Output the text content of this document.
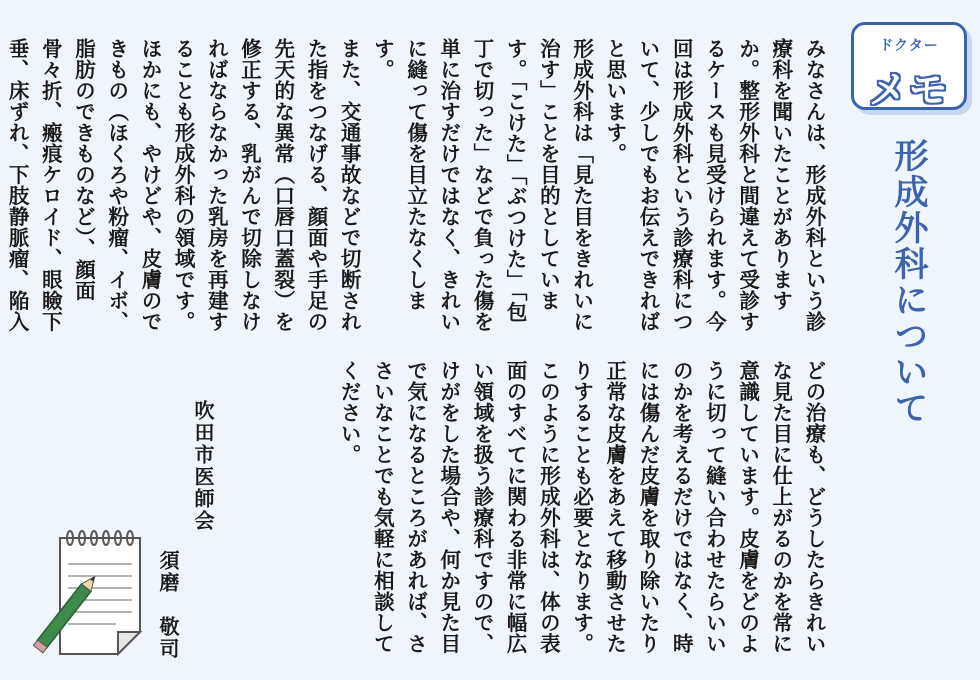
ドクター
メモ
形成外科について

みなさんは、形成外科という診療科を聞いたことがありますか。整形外科と間違えて受診するケースも見受けられます。今回は形成外科という診療科について、少しでもお伝えできればと思います。

形成外科は「見た目をきれいに治す」ことを目的としています。「こけた」「ぶつけた」「包丁で切った」などで負った傷を単に治すだけではなく、きれいに縫って傷を目立たなくします。

また、交通事故などで切断された指をつなげる、顔面や手足の先天的な異常（口唇口蓋裂）を修正する、乳がんで切除しなければならなかった乳房を再建することも形成外科の領域です。

ほかにも、やけどや、皮膚のできもの（ほくろや粉瘤、イボ、脂肪のできものなど）、顔面骨々折、瘢痕ケロイド、眼瞼下垂、床ずれ、下肢静脈瘤、陥入

どの治療も、どうしたらきれいな見た目に仕上がるのかを常に意識しています。皮膚をどのように切って縫い合わせたらいいのかを考えるだけではなく、時には傷んだ皮膚を取り除いたり正常な皮膚をあえて移動させたりすることも必要となります。

このように形成外科は、体の表面のすべてに関わる非常に幅広い領域を扱う診療科ですので、けがをした場合や、何か見た目で気になるところがあれば、ささいなことでも気軽に相談してください。

吹田市医師会
須磨　敬司
